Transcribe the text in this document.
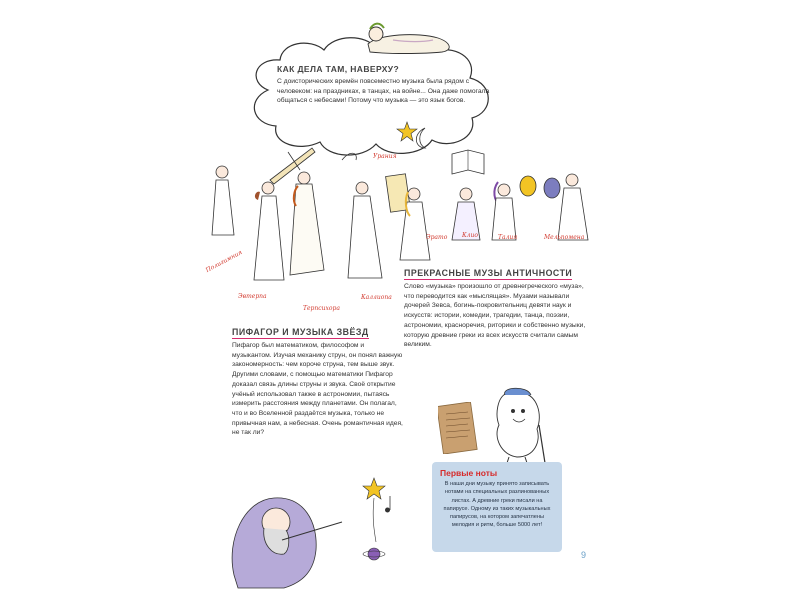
КАК ДЕЛА ТАМ, НАВЕРХУ?
С доисторических времён повсеместно музыка была рядом с человеком: на праздниках, в танцах, на войне... Она даже помогала общаться с небесами! Потому что музыка — это язык богов.
Полигимния
Эвтерпа
Терпсихора
Каллиопа
Урания
Эрато Клио	Талия	Мельпомена
ПРЕКРАСНЫЕ МУЗЫ АНТИЧНОСТИ
Слово «музыка» произошло от древнегреческого «муза», что переводится как «мыслящая». Музами называли дочерей Зевса, богинь-покровительниц девяти наук и искусств: истории, комедии, трагедии, танца, поэзии, астрономии, красноречия, риторики и собственно музыки, которую древние греки из всех искусств считали самым великим.
ПИФАГОР И МУЗЫКА ЗВЁЗД
Пифагор был математиком, философом и музыкантом. Изучая механику струн, он понял важную закономерность: чем короче струна, тем выше звук. Другими словами, с помощью математики Пифагор доказал связь длины струны и звука. Своё открытие учёный использовал также в астрономии, пытаясь измерить расстояния между планетами. Он полагал, что и во Вселенной раздаётся музыка, только не привычная нам, а небесная. Очень романтичная идея, не так ли?
Первые ноты
В наши дни музыку принято записывать нотами на специальных разлинованных листах. А древние греки писали на папирусе. Одному из таких музыкальных папирусов, на котором запечатлены мелодия и ритм, больше 5000 лет!
9
